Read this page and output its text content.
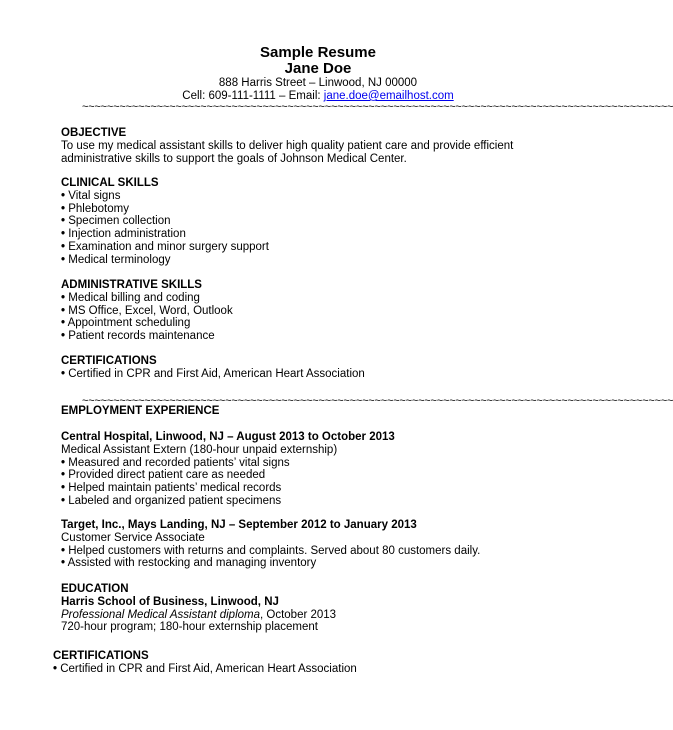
Sample Resume
Jane Doe
888 Harris Street – Linwood, NJ 00000
Cell: 609-111-1111 – Email: jane.doe@emailhost.com
~~~~~~~~~~~~~~~~~~~~~~~~~~~~~~~~~~~~~~~~~~~~~~~~~~~~~~~~~~~~~~~~~~~~~~~~~~~~~~~~~~~~~~~~~~~~~~~
OBJECTIVE
To use my medical assistant skills to deliver high quality patient care and provide efficient
administrative skills to support the goals of Johnson Medical Center.
CLINICAL SKILLS
• Vital signs
• Phlebotomy
• Specimen collection
• Injection administration
• Examination and minor surgery support
• Medical terminology
ADMINISTRATIVE SKILLS
• Medical billing and coding
• MS Office, Excel, Word, Outlook
• Appointment scheduling
• Patient records maintenance
CERTIFICATIONS
• Certified in CPR and First Aid, American Heart Association
~~~~~~~~~~~~~~~~~~~~~~~~~~~~~~~~~~~~~~~~~~~~~~~~~~~~~~~~~~~~~~~~~~~~~~~~~~~~~~~~~~~~~~~~~~~~~~~
EMPLOYMENT EXPERIENCE
Central Hospital, Linwood, NJ – August 2013 to October 2013
Medical Assistant Extern (180-hour unpaid externship)
• Measured and recorded patients’ vital signs
• Provided direct patient care as needed
• Helped maintain patients’ medical records
• Labeled and organized patient specimens
Target, Inc., Mays Landing, NJ – September 2012 to January 2013
Customer Service Associate
• Helped customers with returns and complaints. Served about 80 customers daily.
• Assisted with restocking and managing inventory
EDUCATION
Harris School of Business, Linwood, NJ
Professional Medical Assistant diploma, October 2013
720-hour program; 180-hour externship placement
CERTIFICATIONS
• Certified in CPR and First Aid, American Heart Association
